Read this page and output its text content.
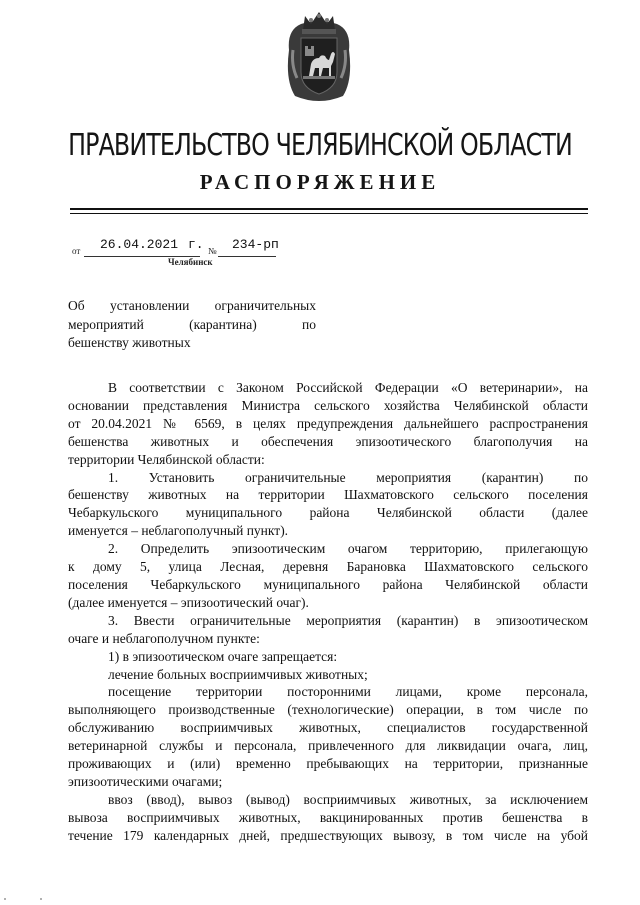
ПРАВИТЕЛЬСТВО ЧЕЛЯБИНСКОЙ ОБЛАСТИ
РАСПОРЯЖЕНИЕ
от 26.04.2021 г. № 234-рп
Челябинск
Об установлении ограничительных
мероприятий (карантина) по
бешенству животных
В соответствии с Законом Российской Федерации «О ветеринарии», на
основании представления Министра сельского хозяйства Челябинской области
от 20.04.2021 № 6569, в целях предупреждения дальнейшего распространения
бешенства животных и обеспечения эпизоотического благополучия на
территории Челябинской области:
1. Установить ограничительные мероприятия (карантин) по
бешенству животных на территории Шахматовского сельского поселения
Чебаркульского муниципального района Челябинской области (далее
именуется – неблагополучный пункт).
2. Определить эпизоотическим очагом территорию, прилегающую
к дому 5, улица Лесная, деревня Барановка Шахматовского сельского
поселения Чебаркульского муниципального района Челябинской области
(далее именуется – эпизоотический очаг).
3. Ввести ограничительные мероприятия (карантин) в эпизоотическом
очаге и неблагополучном пункте:
1) в эпизоотическом очаге запрещается:
лечение больных восприимчивых животных;
посещение территории посторонними лицами, кроме персонала,
выполняющего производственные (технологические) операции, в том числе по
обслуживанию восприимчивых животных, специалистов государственной
ветеринарной службы и персонала, привлеченного для ликвидации очага, лиц,
проживающих и (или) временно пребывающих на территории, признанные
эпизоотическими очагами;
ввоз (ввод), вывоз (вывод) восприимчивых животных, за исключением
вывоза восприимчивых животных, вакцинированных против бешенства в
течение 179 календарных дней, предшествующих вывозу, в том числе на убой
